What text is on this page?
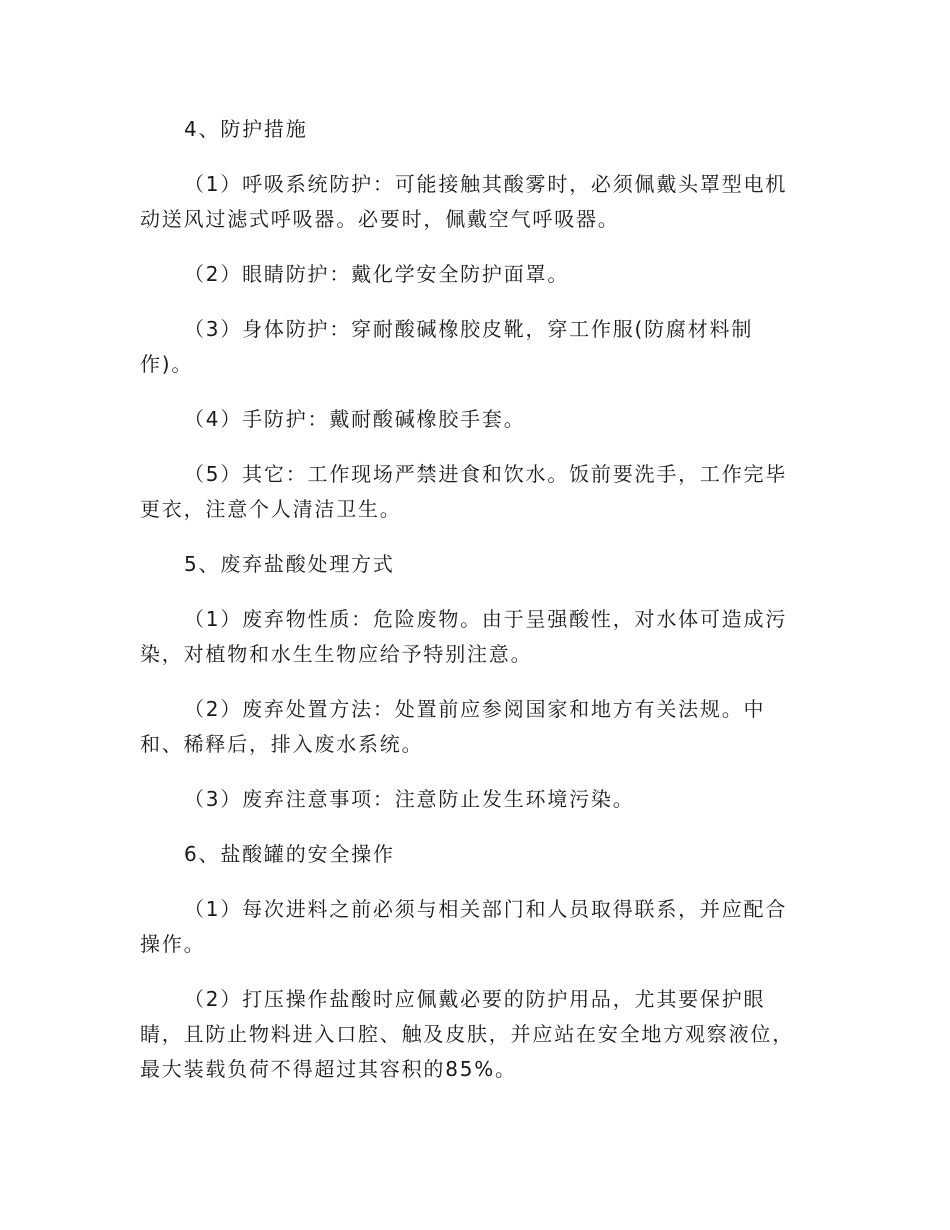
4、防护措施

（1）呼吸系统防护：可能接触其酸雾时，必须佩戴头罩型电机动送风过滤式呼吸器。必要时，佩戴空气呼吸器。

（2）眼睛防护：戴化学安全防护面罩。

（3）身体防护：穿耐酸碱橡胶皮靴，穿工作服(防腐材料制作)。

（4）手防护：戴耐酸碱橡胶手套。

（5）其它：工作现场严禁进食和饮水。饭前要洗手，工作完毕更衣，注意个人清洁卫生。

5、废弃盐酸处理方式

（1）废弃物性质：危险废物。由于呈强酸性，对水体可造成污染，对植物和水生生物应给予特别注意。

（2）废弃处置方法：处置前应参阅国家和地方有关法规。中和、稀释后，排入废水系统。

（3）废弃注意事项：注意防止发生环境污染。

6、盐酸罐的安全操作

（1）每次进料之前必须与相关部门和人员取得联系，并应配合操作。

（2）打压操作盐酸时应佩戴必要的防护用品，尤其要保护眼睛，且防止物料进入口腔、触及皮肤，并应站在安全地方观察液位，最大装载负荷不得超过其容积的85%。
